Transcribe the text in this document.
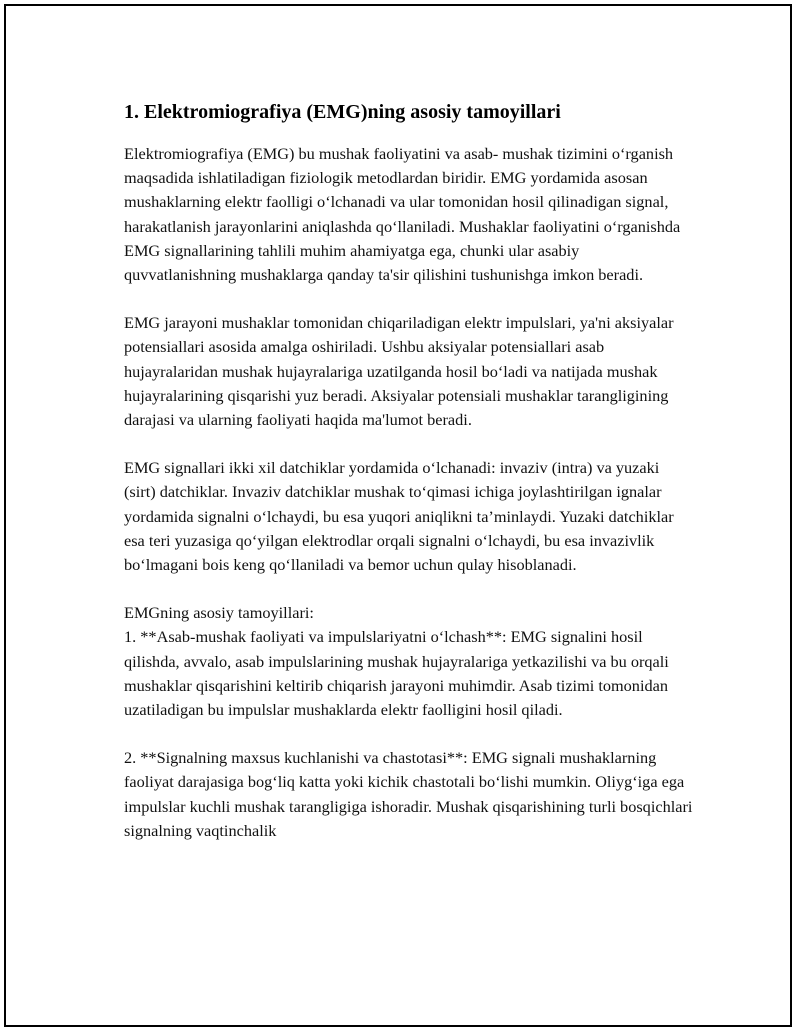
1. Elektromiografiya (EMG)ning asosiy tamoyillari

Elektromiografiya (EMG) bu mushak faoliyatini va asab- mushak tizimini o‘rganish maqsadida ishlatiladigan fiziologik metodlardan biridir. EMG yordamida asosan mushaklarning elektr faolligi o‘lchanadi va ular tomonidan hosil qilinadigan signal, harakatlanish jarayonlarini aniqlashda qo‘llaniladi. Mushaklar faoliyatini o‘rganishda EMG signallarining tahlili muhim ahamiyatga ega, chunki ular asabiy quvvatlanishning mushaklarga qanday ta'sir qilishini tushunishga imkon beradi.

EMG jarayoni mushaklar tomonidan chiqariladigan elektr impulslari, ya'ni aksiyalar potensiallari asosida amalga oshiriladi. Ushbu aksiyalar potensiallari asab hujayralaridan mushak hujayralariga uzatilganda hosil bo‘ladi va natijada mushak hujayralarining qisqarishi yuz beradi. Aksiyalar potensiali mushaklar tarangligining darajasi va ularning faoliyati haqida ma'lumot beradi.

EMG signallari ikki xil datchiklar yordamida o‘lchanadi: invaziv (intra) va yuzaki (sirt) datchiklar. Invaziv datchiklar mushak to‘qimasi ichiga joylashtirilgan ignalar yordamida signalni o‘lchaydi, bu esa yuqori aniqlikni ta’minlaydi. Yuzaki datchiklar esa teri yuzasiga qo‘yilgan elektrodlar orqali signalni o‘lchaydi, bu esa invazivlik bo‘lmagani bois keng qo‘llaniladi va bemor uchun qulay hisoblanadi.

EMGning asosiy tamoyillari:

1. **Asab-mushak faoliyati va impulslariyatni o‘lchash**: EMG signalini hosil qilishda, avvalo, asab impulslarining mushak hujayralariga yetkazilishi va bu orqali mushaklar qisqarishini keltirib chiqarish jarayoni muhimdir. Asab tizimi tomonidan uzatiladigan bu impulslar mushaklarda elektr faolligini hosil qiladi.

2. **Signalning maxsus kuchlanishi va chastotasi**: EMG signali mushaklarning faoliyat darajasiga bog‘liq katta yoki kichik chastotali bo‘lishi mumkin. Oliyg‘iga ega impulslar kuchli mushak tarangligiga ishoradir. Mushak qisqarishining turli bosqichlari signalning vaqtinchalik
